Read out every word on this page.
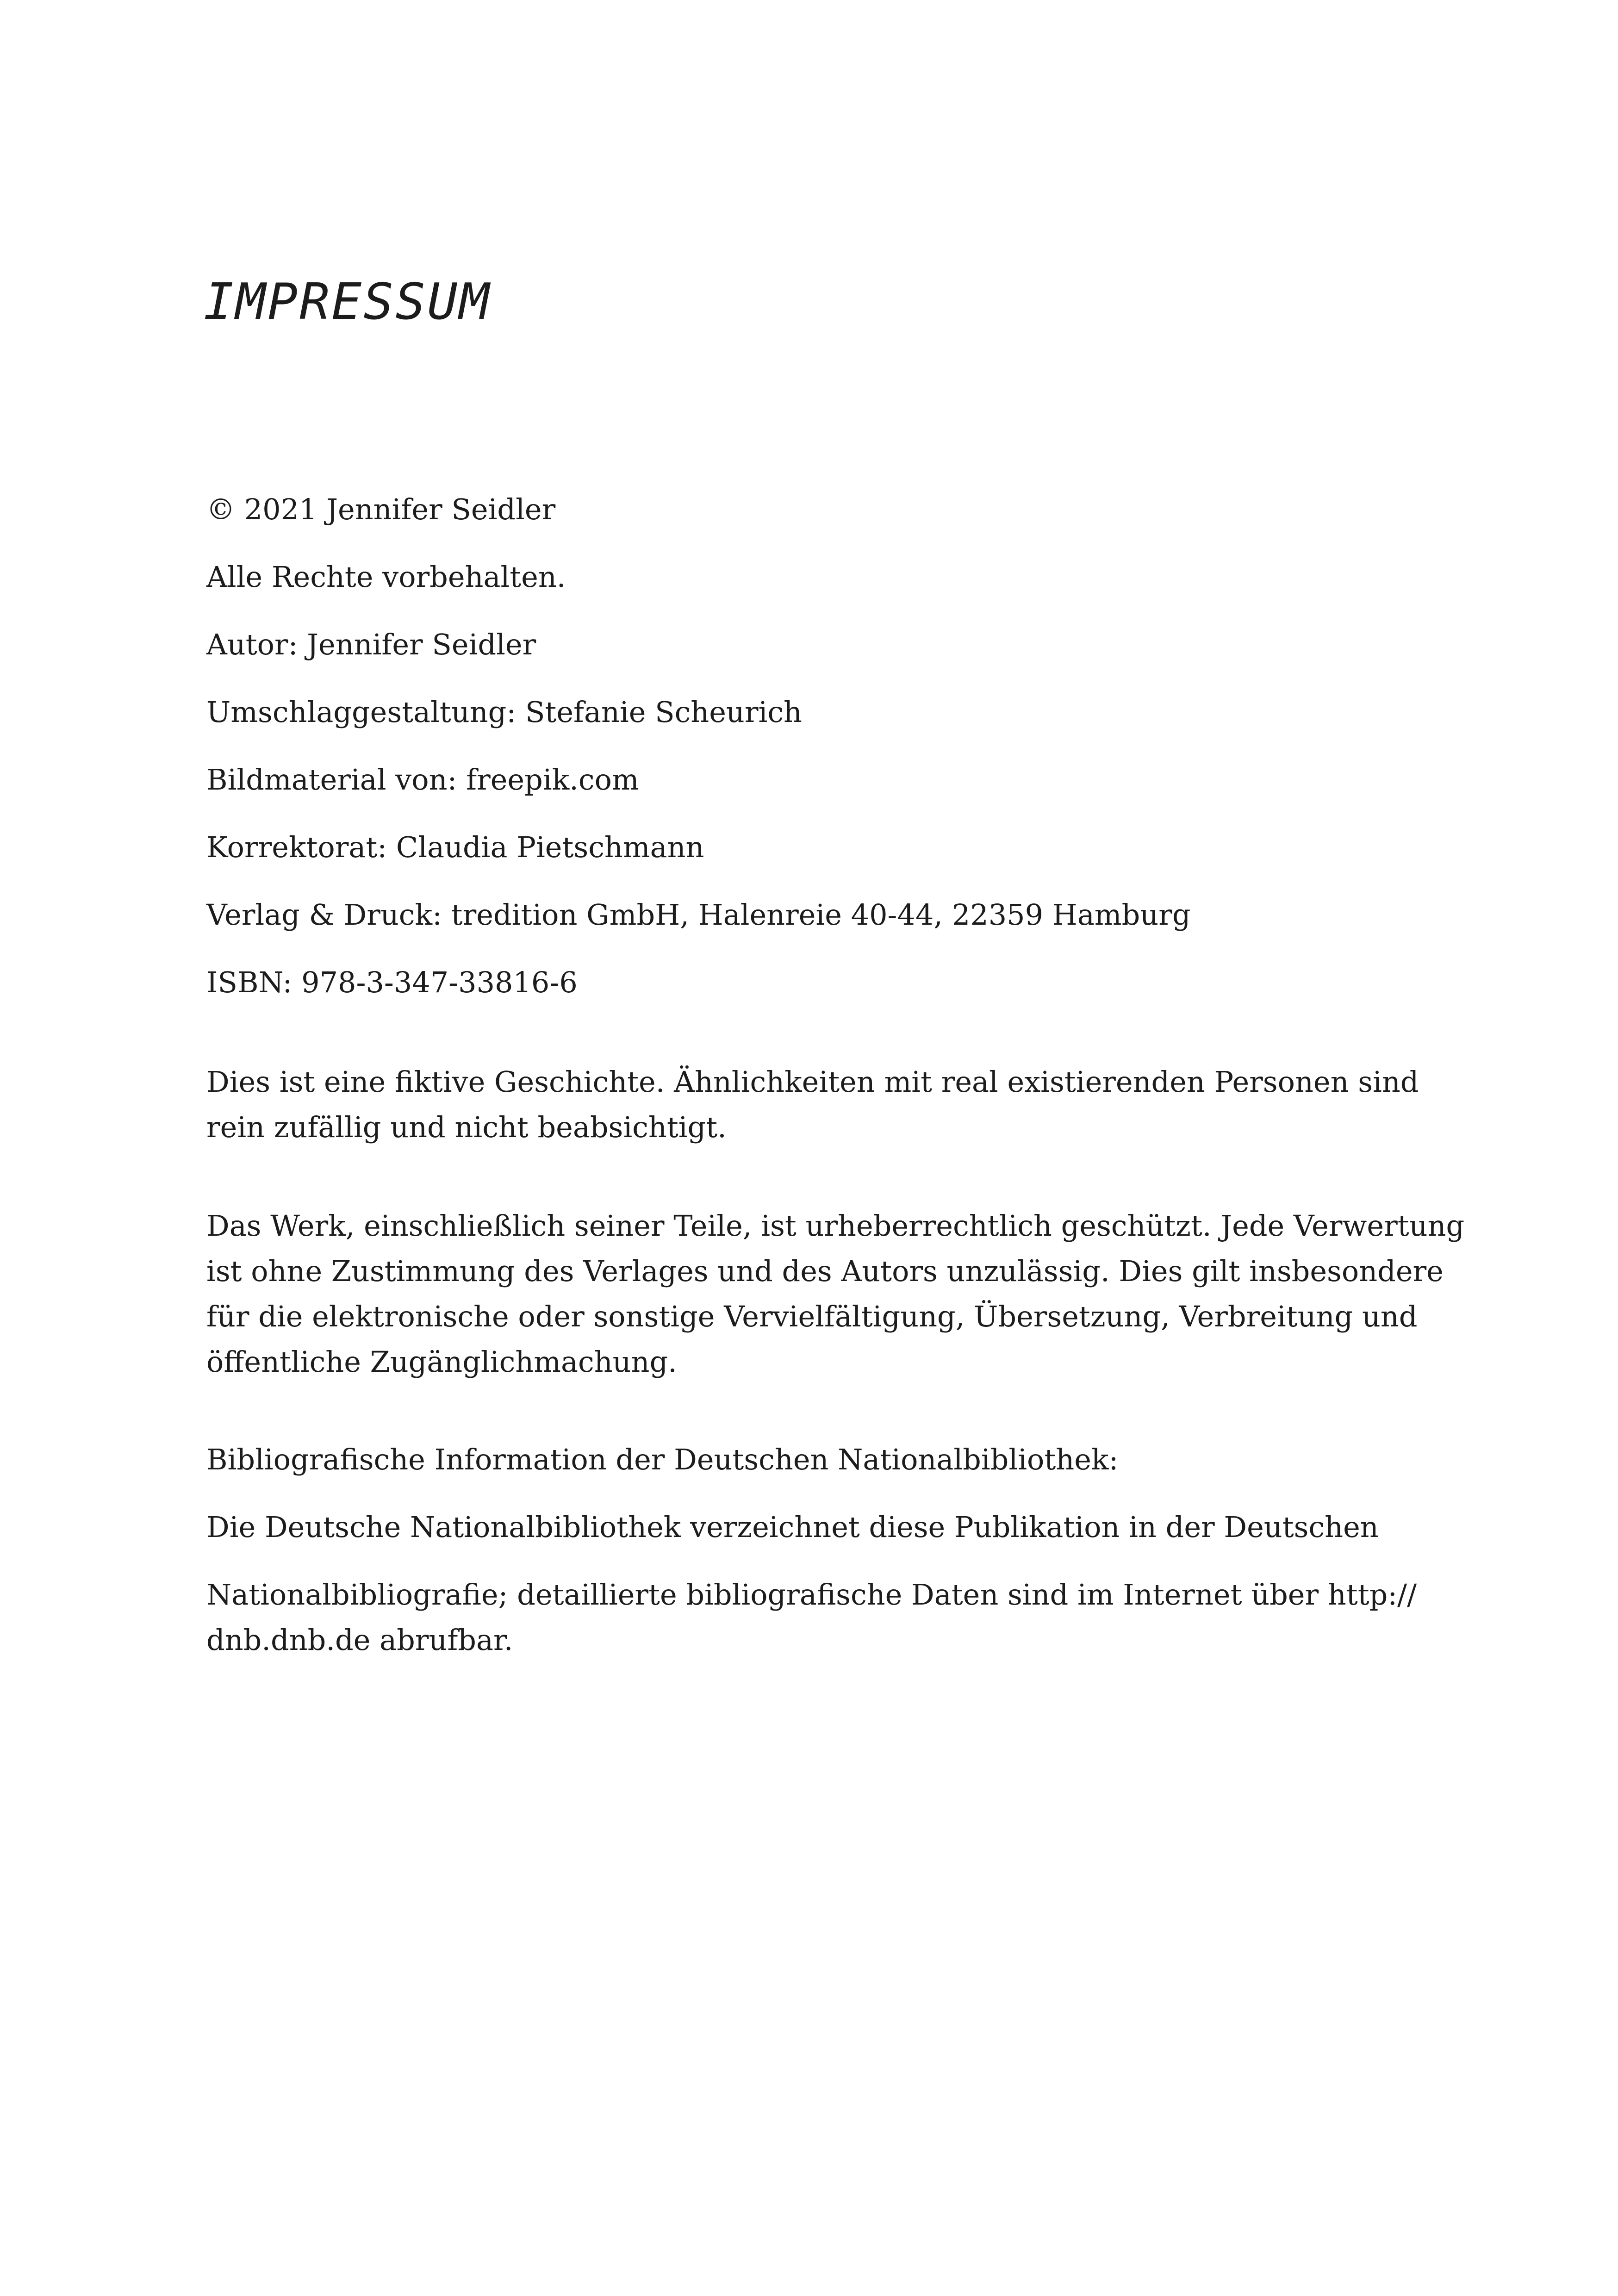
IMPRESSUM
© 2021 Jennifer Seidler
Alle Rechte vorbehalten.
Autor: Jennifer Seidler
Umschlaggestaltung: Stefanie Scheurich
Bildmaterial von: freepik.com
Korrektorat: Claudia Pietschmann
Verlag & Druck: tredition GmbH, Halenreie 40-44, 22359 Hamburg
ISBN: 978-3-347-33816-6
Dies ist eine fiktive Geschichte. Ähnlichkeiten mit real existierenden Personen sind
rein zufällig und nicht beabsichtigt.
Das Werk, einschließlich seiner Teile, ist urheberrechtlich geschützt. Jede Verwertung
ist ohne Zustimmung des Verlages und des Autors unzulässig. Dies gilt insbesondere
für die elektronische oder sonstige Vervielfältigung, Übersetzung, Verbreitung und
öffentliche Zugänglichmachung.
Bibliografische Information der Deutschen Nationalbibliothek:
Die Deutsche Nationalbibliothek verzeichnet diese Publikation in der Deutschen
Nationalbibliografie; detaillierte bibliografische Daten sind im Internet über http://
dnb.dnb.de abrufbar.
